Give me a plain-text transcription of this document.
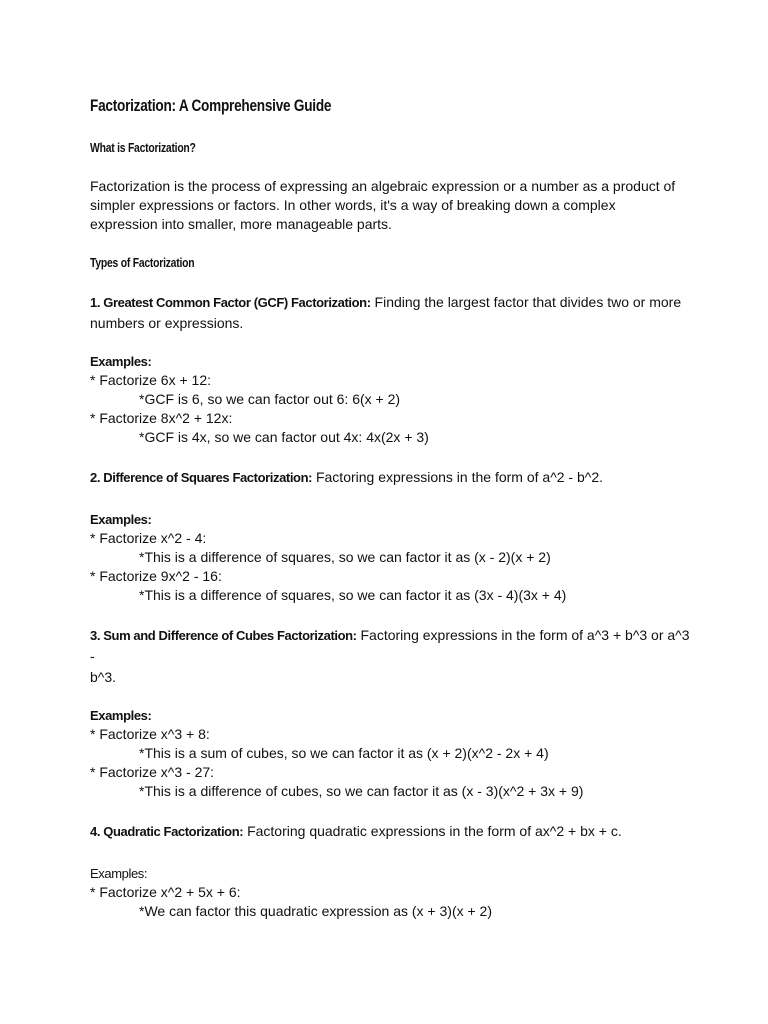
Factorization: A Comprehensive Guide

What is Factorization?

Factorization is the process of expressing an algebraic expression or a number as a product of

simpler expressions or factors. In other words, it's a way of breaking down a complex

expression into smaller, more manageable parts.

Types of Factorization

1. Greatest Common Factor (GCF) Factorization: Finding the largest factor that divides two or more

numbers or expressions.

Examples:

* Factorize 6x + 12:

*GCF is 6, so we can factor out 6: 6(x + 2)

* Factorize 8x^2 + 12x:

*GCF is 4x, so we can factor out 4x: 4x(2x + 3)

2. Difference of Squares Factorization: Factoring expressions in the form of a^2 - b^2.

Examples:

* Factorize x^2 - 4:

*This is a difference of squares, so we can factor it as (x - 2)(x + 2)

* Factorize 9x^2 - 16:

*This is a difference of squares, so we can factor it as (3x - 4)(3x + 4)

3. Sum and Difference of Cubes Factorization: Factoring expressions in the form of a^3 + b^3 or a^3 -

b^3.

Examples:

* Factorize x^3 + 8:

*This is a sum of cubes, so we can factor it as (x + 2)(x^2 - 2x + 4)

* Factorize x^3 - 27:

*This is a difference of cubes, so we can factor it as (x - 3)(x^2 + 3x + 9)

4. Quadratic Factorization: Factoring quadratic expressions in the form of ax^2 + bx + c.

Examples:

* Factorize x^2 + 5x + 6:

*We can factor this quadratic expression as (x + 3)(x + 2)
